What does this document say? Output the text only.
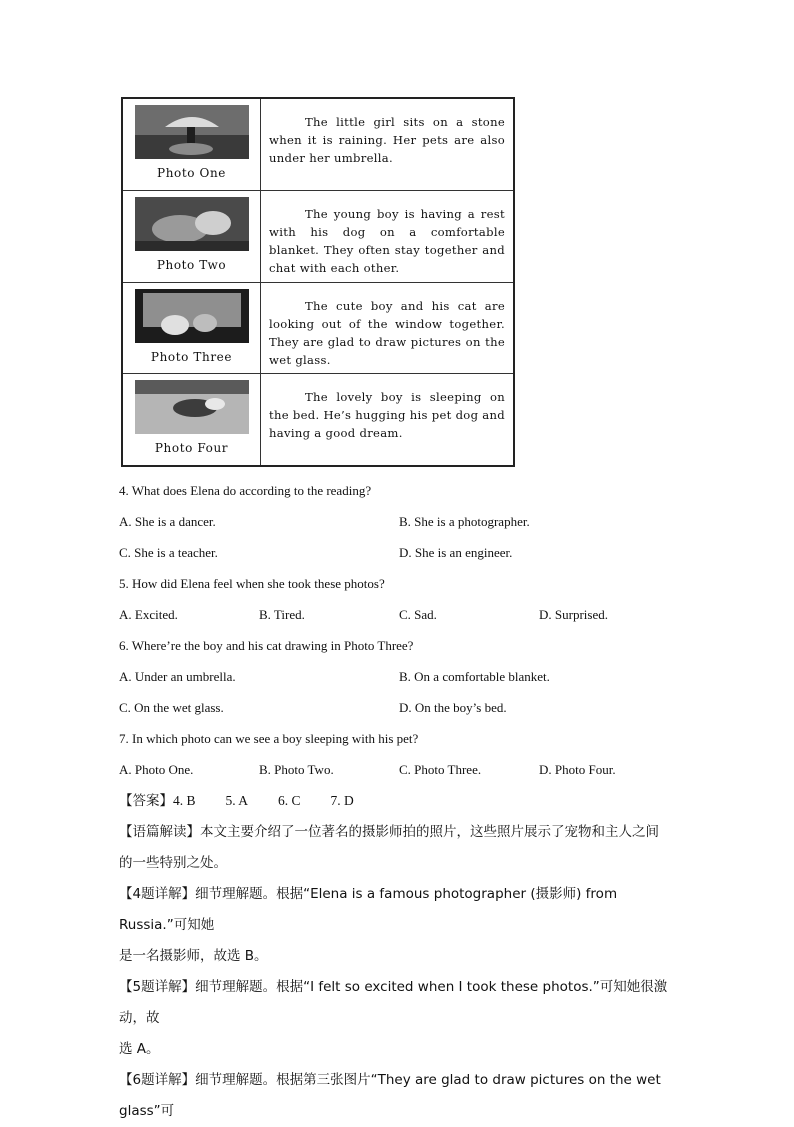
Photo One
The little girl sits on a stone when it is raining. Her pets are also under her umbrella.
Photo Two
The young boy is having a rest with his dog on a comfortable blanket. They often stay together and chat with each other.
Photo Three
The cute boy and his cat are looking out of the window together. They are glad to draw pictures on the wet glass.
Photo Four
The lovely boy is sleeping on the bed. He’s hugging his pet dog and having a good dream.

4. What does Elena do according to the reading?

A. She is a dancer.	B. She is a photographer.
C. She is a teacher.	D. She is an engineer.

5. How did Elena feel when she took these photos?

A. Excited.	B. Tired.	C. Sad.	D. Surprised.

6. Where’re the boy and his cat drawing in Photo Three?

A. Under an umbrella.	B. On a comfortable blanket.
C. On the wet glass.	D. On the boy’s bed.

7. In which photo can we see a boy sleeping with his pet?

A. Photo One.	B. Photo Two.	C. Photo Three.	D. Photo Four.

【答案】4. B 5. A 6. C 7. D

【语篇解读】本文主要介绍了一位著名的摄影师拍的照片，这些照片展示了宠物和主人之间

的一些特别之处。

【4题详解】细节理解题。根据“Elena is a famous photographer (摄影师) from Russia.”可知她

是一名摄影师，故选 B。

【5题详解】细节理解题。根据“I felt so excited when I took these photos.”可知她很激动，故

选 A。

【6题详解】细节理解题。根据第三张图片“They are glad to draw pictures on the wet glass”可
